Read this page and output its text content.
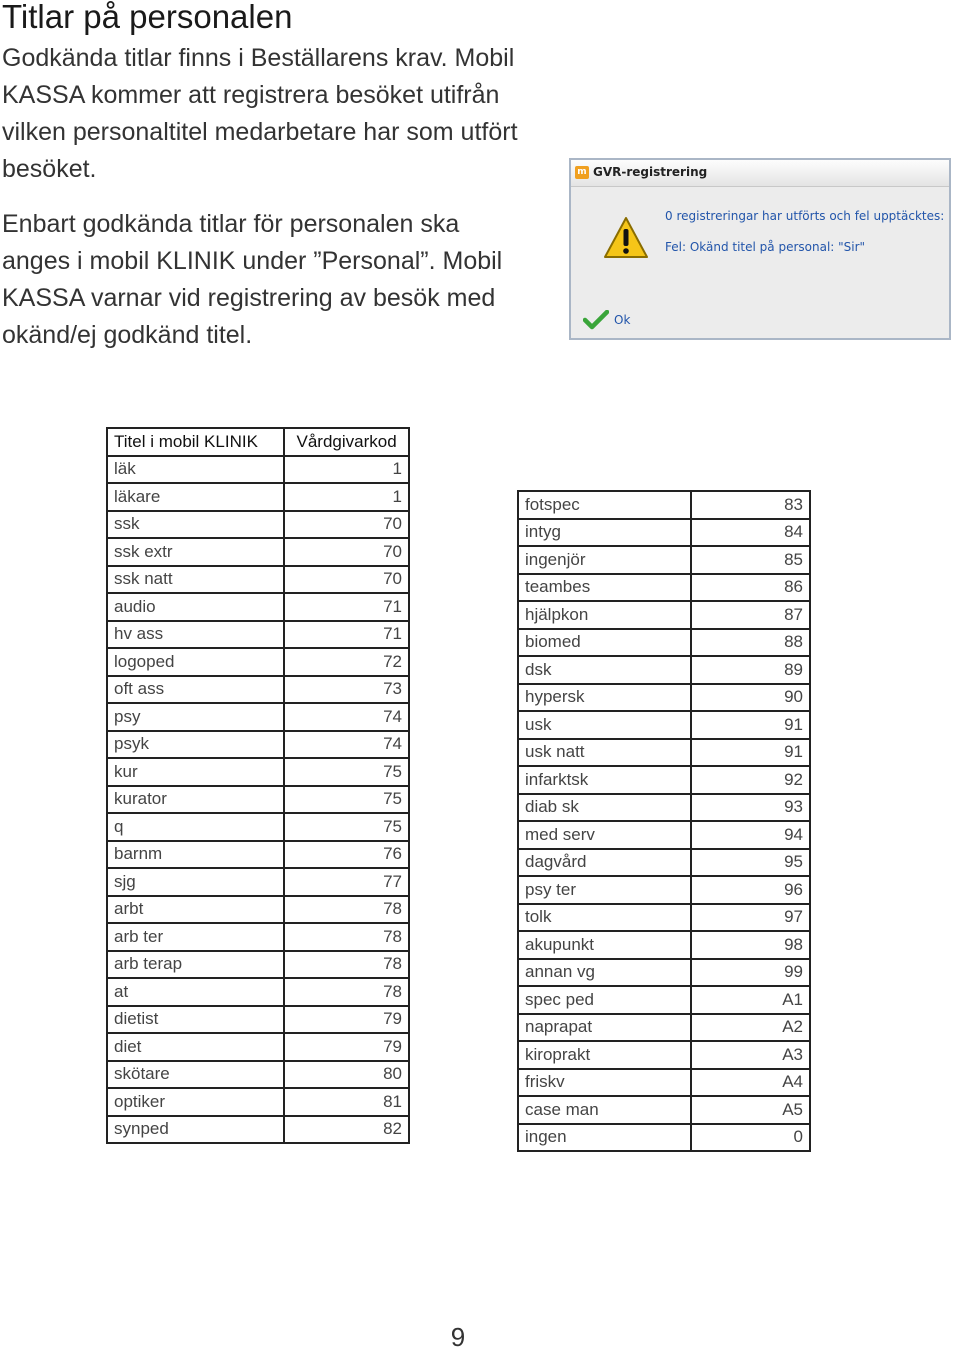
Titlar på personalen

Godkända titlar finns i Beställarens krav. Mobil KASSA kommer att registrera besöket utifrån vilken personaltitel medarbetare har som utfört besöket.

Enbart godkända titlar för personalen ska anges i mobil KLINIK under ”Personal”. Mobil KASSA varnar vid registrering av besök med okänd/ej godkänd titel.

m GVR-registrering
0 registreringar har utförts och fel upptäcktes:
Fel: Okänd titel på personal: "Sir"
Ok
Titel i mobil KLINIK	Vårdgivarkod
läk	1
läkare	1
ssk	70
ssk extr	70
ssk natt	70
audio	71
hv ass	71
logoped	72
oft ass	73
psy	74
psyk	74
kur	75
kurator	75
q	75
barnm	76
sjg	77
arbt	78
arb ter	78
arb terap	78
at	78
dietist	79
diet	79
skötare	80
optiker	81
synped	82
fotspec	83
intyg	84
ingenjör	85
teambes	86
hjälpkon	87
biomed	88
dsk	89
hypersk	90
usk	91
usk natt	91
infarktsk	92
diab sk	93
med serv	94
dagvård	95
psy ter	96
tolk	97
akupunkt	98
annan vg	99
spec ped	A1
naprapat	A2
kiroprakt	A3
friskv	A4
case man	A5
ingen	0
9
